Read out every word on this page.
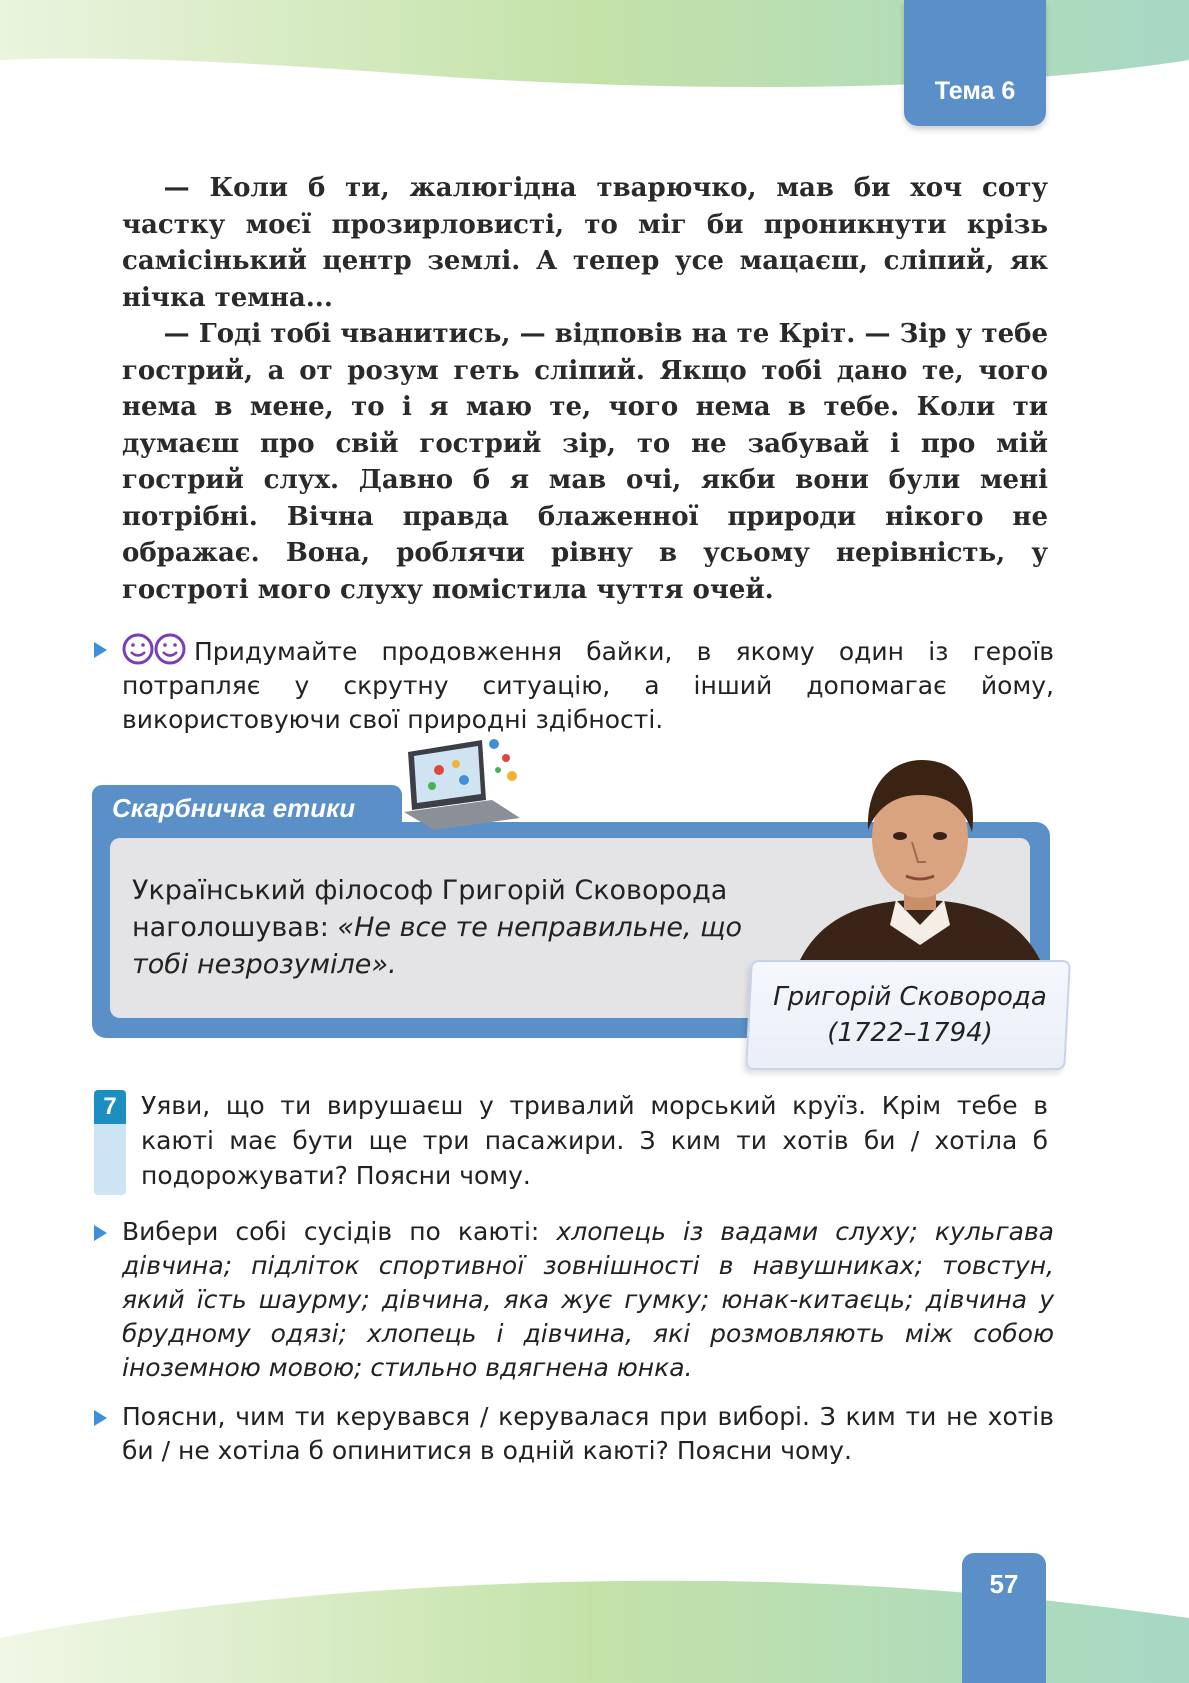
Тема 6

— Коли б ти, жалюгідна тварючко, мав би хоч соту частку моєї прозирловисті, то міг би проникнути крізь самісінький центр землі. А тепер усе мацаєш, сліпий, як нічка темна...

— Годі тобі чванитись, — відповів на те Кріт. — Зір у тебе гострий, а от розум геть сліпий. Якщо тобі дано те, чого нема в мене, то і я маю те, чого нема в тебе. Коли ти думаєш про свій гострий зір, то не забувай і про мій гострий слух. Давно б я мав очі, якби вони були мені потрібні. Вічна правда блаженної природи нікого не ображає. Вона, роблячи рівну в усьому нерівність, у гостроті мого слуху помістила чуття очей.

Придумайте продовження байки, в якому один із героїв потрапляє у скрутну ситуацію, а інший допомагає йому, використовуючи свої природні здібності.
Скарбничка етики
Український філософ Григорій Сковорода наголошував: «Не все те неправильне, що тобі незрозуміле».
Григорій Сковорода
(1722–1794)
7 Уяви, що ти вирушаєш у тривалий морський круїз. Крім тебе в каюті має бути ще три пасажири. З ким ти хотів би / хотіла б подорожувати? Поясни чому.
Вибери собі сусідів по каюті: хлопець із вадами слуху; кульгава дівчина; підліток спортивної зовнішності в навушниках; товстун, який їсть шаурму; дівчина, яка жує гумку; юнак-китаєць; дівчина у брудному одязі; хлопець і дівчина, які розмовляють між собою іноземною мовою; стильно вдягнена юнка.
Поясни, чим ти керувався / керувалася при виборі. З ким ти не хотів би / не хотіла б опинитися в одній каюті? Поясни чому.
57
